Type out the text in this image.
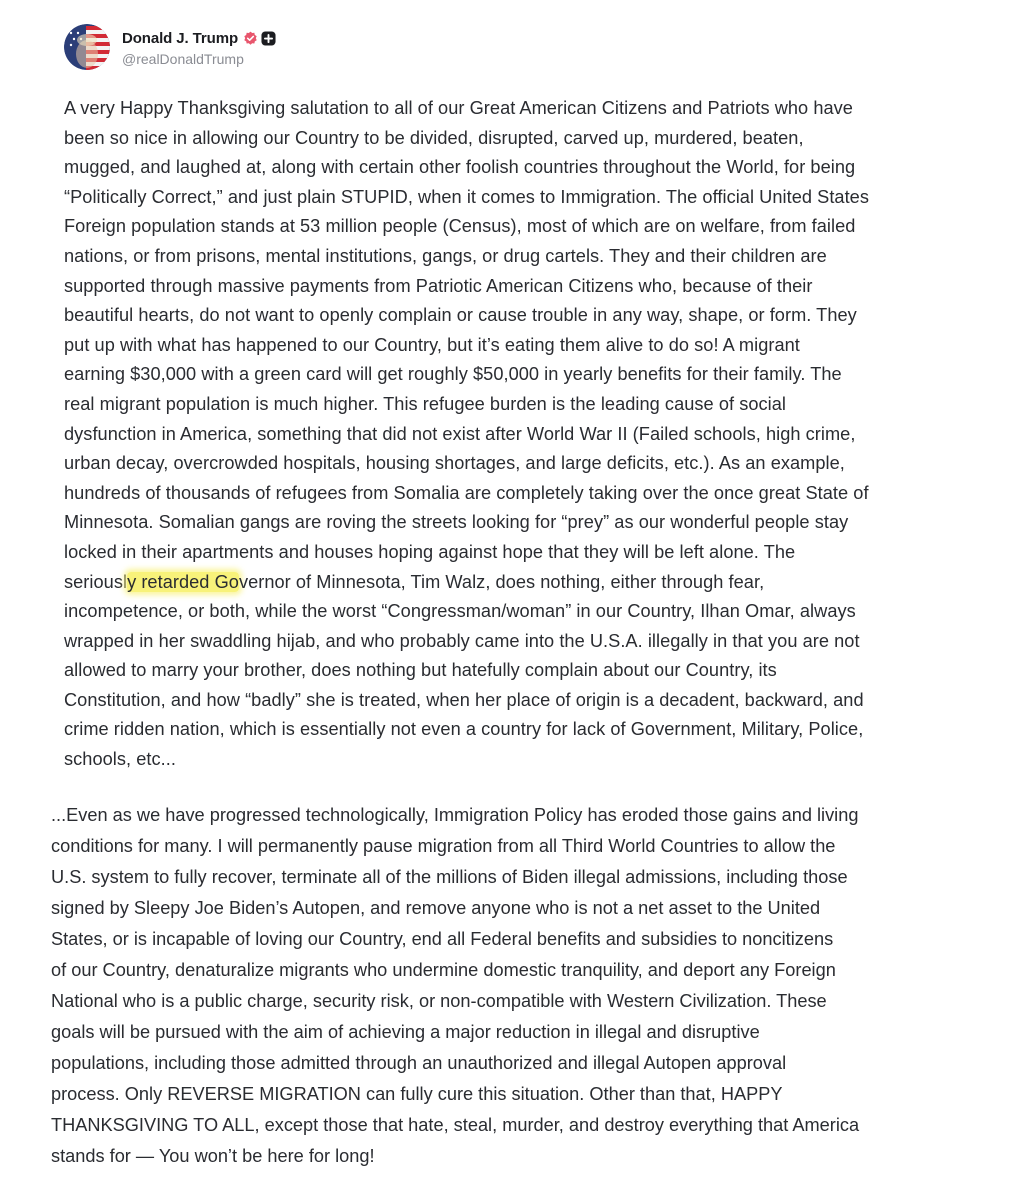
Donald J. Trump
@realDonaldTrump

A very Happy Thanksgiving salutation to all of our Great American Citizens and Patriots who have
been so nice in allowing our Country to be divided, disrupted, carved up, murdered, beaten,
mugged, and laughed at, along with certain other foolish countries throughout the World, for being
“Politically Correct,” and just plain STUPID, when it comes to Immigration. The official United States
Foreign population stands at 53 million people (Census), most of which are on welfare, from failed
nations, or from prisons, mental institutions, gangs, or drug cartels. They and their children are
supported through massive payments from Patriotic American Citizens who, because of their
beautiful hearts, do not want to openly complain or cause trouble in any way, shape, or form. They
put up with what has happened to our Country, but it’s eating them alive to do so! A migrant
earning $30,000 with a green card will get roughly $50,000 in yearly benefits for their family. The
real migrant population is much higher. This refugee burden is the leading cause of social
dysfunction in America, something that did not exist after World War II (Failed schools, high crime,
urban decay, overcrowded hospitals, housing shortages, and large deficits, etc.). As an example,
hundreds of thousands of refugees from Somalia are completely taking over the once great State of
Minnesota. Somalian gangs are roving the streets looking for “prey” as our wonderful people stay
locked in their apartments and houses hoping against hope that they will be left alone. The
seriously retarded Governor of Minnesota, Tim Walz, does nothing, either through fear,
incompetence, or both, while the worst “Congressman/woman” in our Country, Ilhan Omar, always
wrapped in her swaddling hijab, and who probably came into the U.S.A. illegally in that you are not
allowed to marry your brother, does nothing but hatefully complain about our Country, its
Constitution, and how “badly” she is treated, when her place of origin is a decadent, backward, and
crime ridden nation, which is essentially not even a country for lack of Government, Military, Police,
schools, etc...

...Even as we have progressed technologically, Immigration Policy has eroded those gains and living
conditions for many. I will permanently pause migration from all Third World Countries to allow the
U.S. system to fully recover, terminate all of the millions of Biden illegal admissions, including those
signed by Sleepy Joe Biden’s Autopen, and remove anyone who is not a net asset to the United
States, or is incapable of loving our Country, end all Federal benefits and subsidies to noncitizens
of our Country, denaturalize migrants who undermine domestic tranquility, and deport any Foreign
National who is a public charge, security risk, or non-compatible with Western Civilization. These
goals will be pursued with the aim of achieving a major reduction in illegal and disruptive
populations, including those admitted through an unauthorized and illegal Autopen approval
process. Only REVERSE MIGRATION can fully cure this situation. Other than that, HAPPY
THANKSGIVING TO ALL, except those that hate, steal, murder, and destroy everything that America
stands for — You won’t be here for long!
